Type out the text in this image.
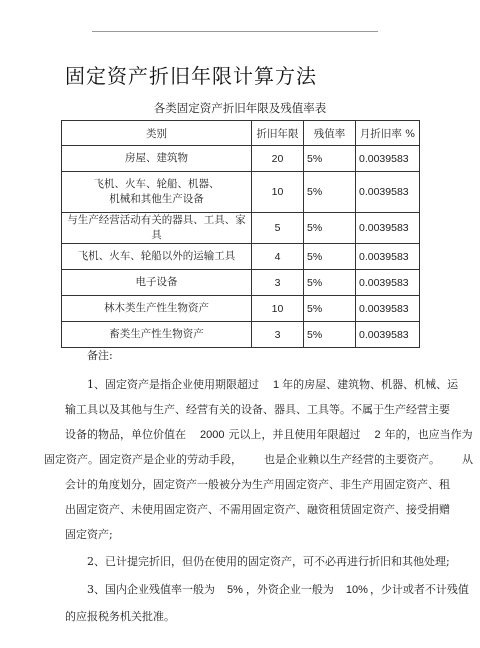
固定资产折旧年限计算方法
各类固定资产折旧年限及残值率表
类别	折旧年限	残值率	月折旧率 %
房屋、建筑物	20	5%	0.0039583

飞机、火车、轮船、机器、
机械和其他生产设备	10	5%	0.0039583
与生产经营活动有关的器具、工具、家具	5	5%	0.0039583
飞机、火车、轮船以外的运输工具	4	5%	0.0039583
电子设备	3	5%	0.0039583
林木类生产性生物资产	10	5%	0.0039583
畜类生产性生物资产	3	5%	0.0039583
备注:
1、固定资产是指企业使用期限超过 1 年的房屋、建筑物、机器、机械、运
输工具以及其他与生产、经营有关的设备、器具、工具等。不属于生产经营主要
设备的物品，单位价值在 2000 元以上，并且使用年限超过 2 年的，也应当作为
固定资产。固定资产是企业的劳动手段， 也是企业赖以生产经营的主要资产。 从
会计的角度划分，固定资产一般被分为生产用固定资产、非生产用固定资产、租
出固定资产、未使用固定资产、不需用固定资产、融资租赁固定资产、接受捐赠
固定资产;
2、已计提完折旧，但仍在使用的固定资产，可不必再进行折旧和其他处理;
3、国内企业残值率一般为 5% ，外资企业一般为 10% ，少计或者不计残值
的应报税务机关批准。
